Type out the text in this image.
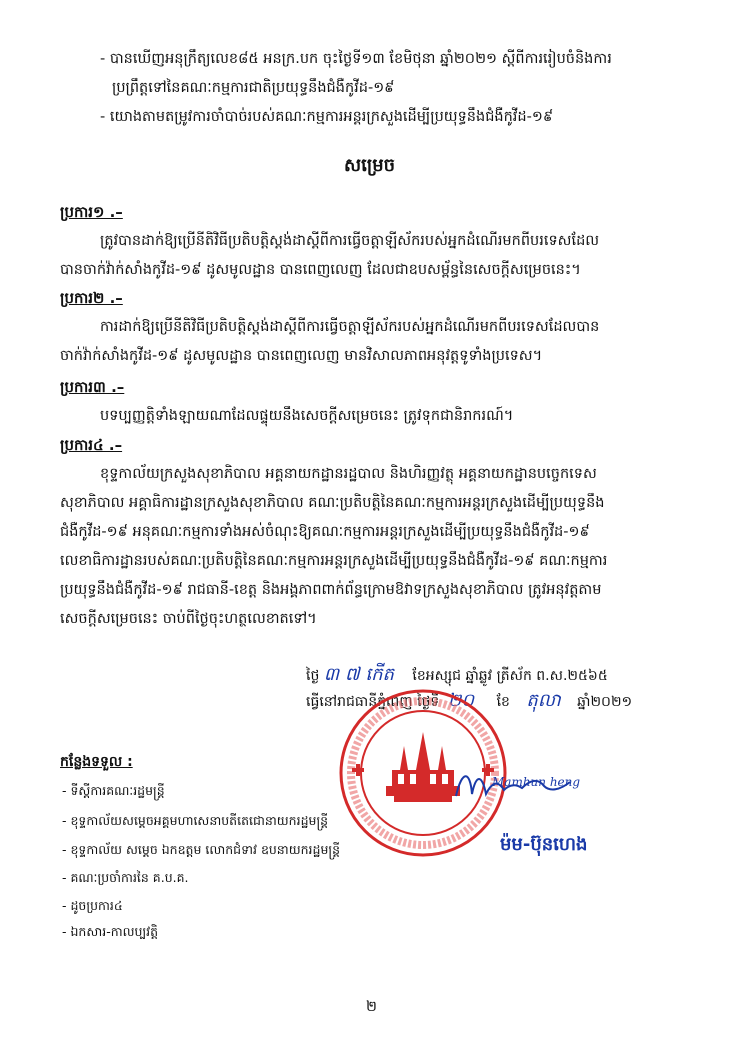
- បានឃើញអនុក្រឹត្យលេខ៨៥ អនក្រ.បក ចុះថ្ងៃទី១៣ ខែមិថុនា ឆ្នាំ២០២១ ស្តីពីការរៀបចំនិងការ
ប្រព្រឹត្តទៅនៃគណៈកម្មការជាតិប្រយុទ្ធនឹងជំងឺកូវីដ-១៩
- យោងតាមតម្រូវការចាំបាច់របស់គណៈកម្មការអន្តរក្រសួងដើម្បីប្រយុទ្ធនឹងជំងឺកូវីដ-១៩
សម្រេច
ប្រការ១ .–
ត្រូវបានដាក់ឱ្យប្រើនីតិវិធីប្រតិបត្តិស្តង់ដាស្តីពីការធ្វើចត្តាឡីស័ករបស់អ្នកដំណើរមកពីបរទេសដែល
បានចាក់វ៉ាក់សាំងកូវីដ-១៩ ដូសមូលដ្ឋាន បានពេញលេញ ដែលជាឧបសម្ព័ន្ធនៃសេចក្តីសម្រេចនេះ។
ប្រការ២ .–
ការដាក់ឱ្យប្រើនីតិវិធីប្រតិបត្តិស្តង់ដាស្តីពីការធ្វើចត្តាឡីស័ករបស់អ្នកដំណើរមកពីបរទេសដែលបាន
ចាក់វ៉ាក់សាំងកូវីដ-១៩ ដូសមូលដ្ឋាន បានពេញលេញ មានវិសាលភាពអនុវត្តទូទាំងប្រទេស។
ប្រការ៣ .–
បទប្បញ្ញត្តិទាំងឡាយណាដែលផ្ទុយនឹងសេចក្តីសម្រេចនេះ ត្រូវទុកជានិរាករណ៍។
ប្រការ៤ .–
ខុទ្ទកាល័យក្រសួងសុខាភិបាល អគ្គនាយកដ្ឋានរដ្ឋបាល និងហិរញ្ញវត្ថុ អគ្គនាយកដ្ឋានបច្ចេកទេស
សុខាភិបាល អគ្គាធិការដ្ឋានក្រសួងសុខាភិបាល គណៈប្រតិបត្តិនៃគណៈកម្មការអន្តរក្រសួងដើម្បីប្រយុទ្ធនឹង
ជំងឺកូវីដ-១៩ អនុគណៈកម្មការទាំងអស់ចំណុះឱ្យគណៈកម្មការអន្តរក្រសួងដើម្បីប្រយុទ្ធនឹងជំងឺកូវីដ-១៩
លេខាធិការដ្ឋានរបស់គណៈប្រតិបត្តិនៃគណៈកម្មការអន្តរក្រសួងដើម្បីប្រយុទ្ធនឹងជំងឺកូវីដ-១៩ គណៈកម្មការ
ប្រយុទ្ធនឹងជំងឺកូវីដ-១៩ រាជធានី-ខេត្ត និងអង្គភាពពាក់ព័ន្ធក្រោមឱវាទក្រសួងសុខាភិបាល ត្រូវអនុវត្តតាម
សេចក្តីសម្រេចនេះ ចាប់ពីថ្ងៃចុះហត្ថលេខាតទៅ។
ថ្ងៃ ៣ ៧ កើត ខែអស្សុជ ឆ្នាំឆ្លូវ ត្រីស័ក ព.ស.២៥៦៥
ធ្វើនៅរាជធានីភ្នំពេញ ថ្ងៃទី ២០ ខែ តុលា ឆ្នាំ២០២១
Mamhun heng
ម៉ម-ប៊ុនហេង
កន្លែងទទួល :
- ទីស្តីការគណៈរដ្ឋមន្ត្រី
- ខុទ្ទកាល័យសម្តេចអគ្គមហាសេនាបតីតេជោនាយករដ្ឋមន្ត្រី
- ខុទ្ទកាល័យ សម្តេច ឯកឧត្តម លោកជំទាវ ឧបនាយករដ្ឋមន្ត្រី
- គណៈប្រចាំការនៃ គ.ប.គ.
- ដូចប្រការ៤
- ឯកសារ-កាលប្បវត្តិ
២
